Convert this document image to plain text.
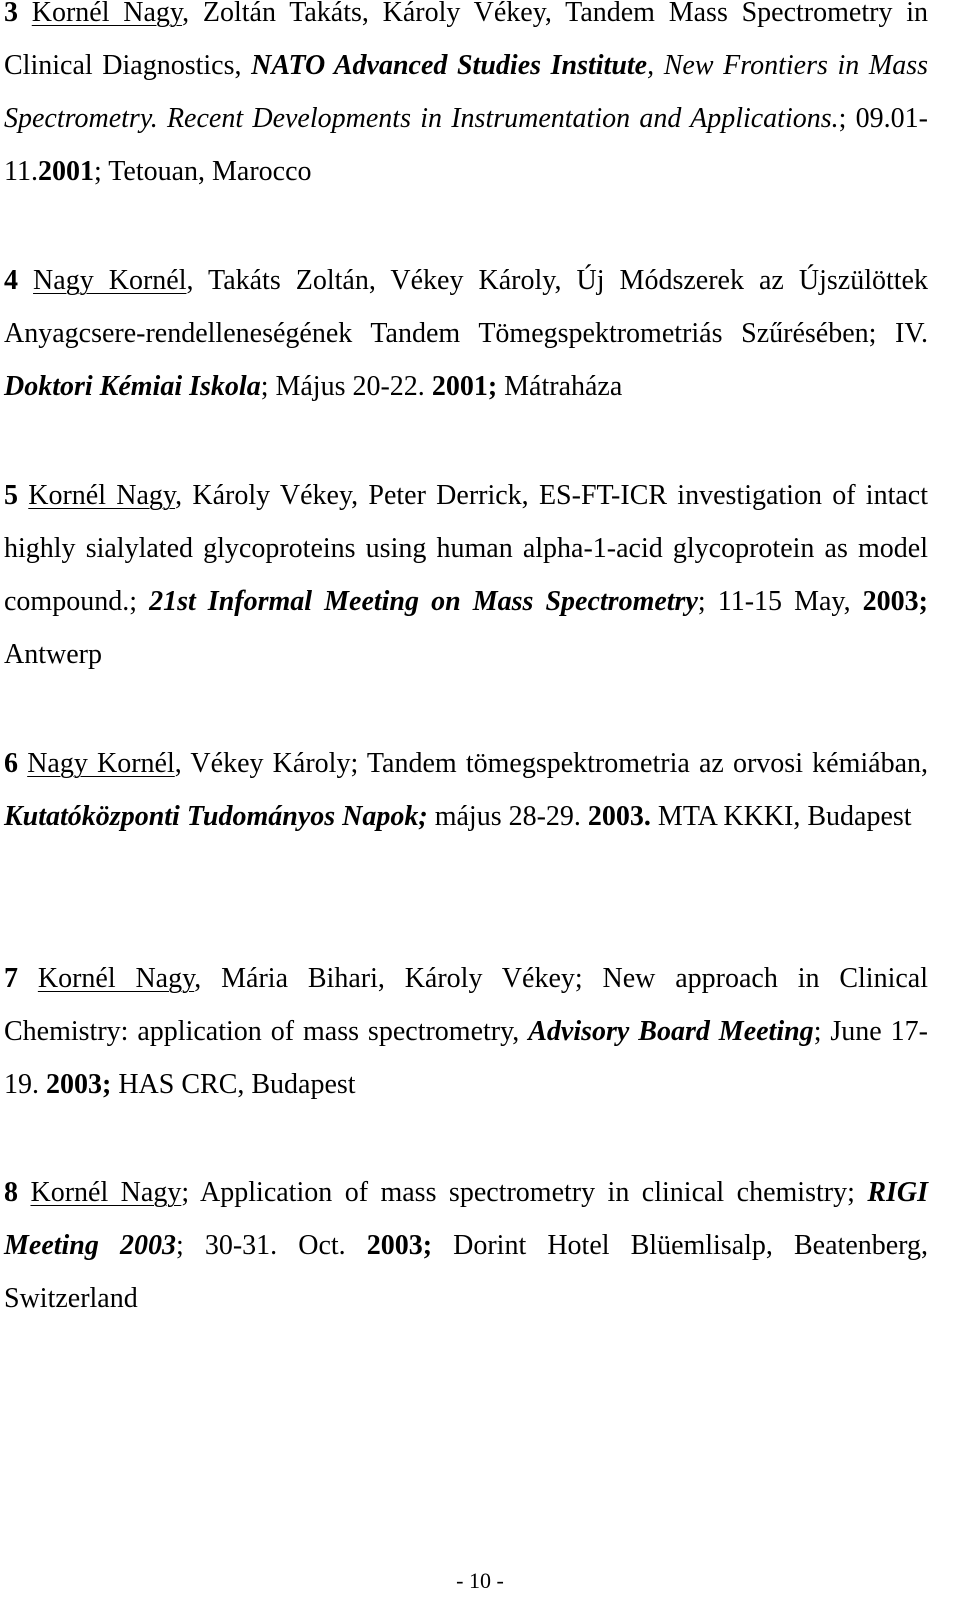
3 Kornél Nagy, Zoltán Takáts, Károly Vékey, Tandem Mass Spectrometry in Clinical Diagnostics, NATO Advanced Studies Institute, New Frontiers in Mass Spectrometry. Recent Developments in Instrumentation and Applications.; 09.01-11.2001; Tetouan, Marocco

4 Nagy Kornél, Takáts Zoltán, Vékey Károly, Új Módszerek az Újszülöttek Anyagcsere-rendelleneségének Tandem Tömegspektrometriás Szűrésében; IV. Doktori Kémiai Iskola; Május 20-22. 2001; Mátraháza

5 Kornél Nagy, Károly Vékey, Peter Derrick, ES-FT-ICR investigation of intact highly sialylated glycoproteins using human alpha-1-acid glycoprotein as model compound.; 21st Informal Meeting on Mass Spectrometry; 11-15 May, 2003; Antwerp

6 Nagy Kornél, Vékey Károly; Tandem tömegspektrometria az orvosi kémiában, Kutatóközponti Tudományos Napok; május 28-29. 2003. MTA KKKI, Budapest

7 Kornél Nagy, Mária Bihari, Károly Vékey; New approach in Clinical Chemistry: application of mass spectrometry, Advisory Board Meeting; June 17-19. 2003; HAS CRC, Budapest

8 Kornél Nagy; Application of mass spectrometry in clinical chemistry; RIGI Meeting 2003; 30-31. Oct. 2003; Dorint Hotel Blüemlisalp, Beatenberg, Switzerland

- 10 -
